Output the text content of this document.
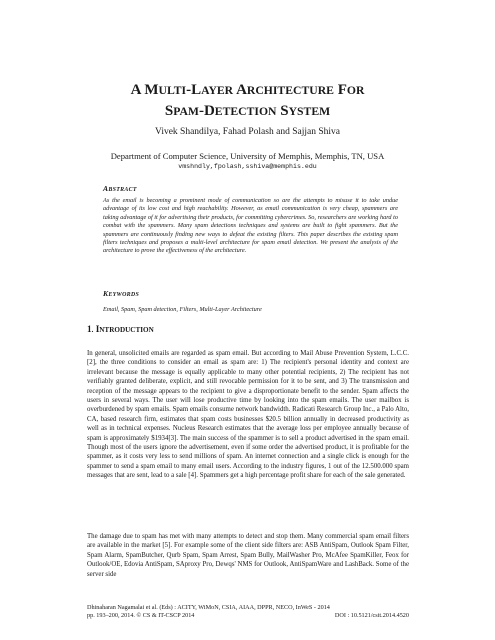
A MULTI-LAYER ARCHITECTURE FOR
SPAM-DETECTION SYSTEM
Vivek Shandilya, Fahad Polash and Sajjan Shiva
Department of Computer Science, University of Memphis, Memphis, TN, USA
vmshndly,fpolash,sshiva@memphis.edu
ABSTRACT
As the email is becoming a prominent mode of communication so are the attempts to misuse it to take undue advantage of its low cost and high reachability. However, as email communication is very cheap, spammers are taking advantage of it for advertising their products, for committing cybercrimes. So, researchers are working hard to combat with the spammers. Many spam detections techniques and systems are built to fight spammers. But the spammers are continuously finding new ways to defeat the existing filters. This paper describes the existing spam filters techniques and proposes a multi-level architecture for spam email detection. We present the analysis of the architecture to prove the effectiveness of the architecture.
KEYWORDS
Email, Spam, Spam detection, Filters, Multi-Layer Architecture
1. INTRODUCTION
In general, unsolicited emails are regarded as spam email. But according to Mail Abuse Prevention System, L.C.C. [2], the three conditions to consider an email as spam are: 1) The recipient's personal identity and context are irrelevant because the message is equally applicable to many other potential recipients, 2) The recipient has not verifiably granted deliberate, explicit, and still revocable permission for it to be sent, and 3) The transmission and reception of the message appears to the recipient to give a disproportionate benefit to the sender. Spam affects the users in several ways. The user will lose productive time by looking into the spam emails. The user mailbox is overburdened by spam emails. Spam emails consume network bandwidth. Radicati Research Group Inc., a Palo Alto, CA, based research firm, estimates that spam costs businesses $20.5 billion annually in decreased productivity as well as in technical expenses. Nucleus Research estimates that the average loss per employee annually because of spam is approximately $1934[3]. The main success of the spammer is to sell a product advertised in the spam email. Though most of the users ignore the advertisement, even if some order the advertised product, it is profitable for the spammer, as it costs very less to send millions of spam. An internet connection and a single click is enough for the spammer to send a spam email to many email users. According to the industry figures, 1 out of the 12.500.000 spam messages that are sent, lead to a sale [4]. Spammers get a high percentage profit share for each of the sale generated.
The damage due to spam has met with many attempts to detect and stop them. Many commercial spam email filters are available in the market [5]. For example some of the client side filters are: ASB AntiSpam, Outlook Spam Filter, Spam Alarm, SpamButcher, Qurb Spam, Spam Arrest, Spam Bully, MailWasher Pro, McAfee SpamKiller, Feox for Outlook/OE, Edovia AntiSpam, SAproxy Pro, Dewqs' NMS for Outlook, AntiSpamWare and LashBack. Some of the server side
Dhinaharan Nagamalai et al. (Eds) : ACITY, WiMoN, CSIA, AIAA, DPPR, NECO, InWeS - 2014
pp. 193–200, 2014. © CS & IT-CSCP 2014	DOI : 10.5121/csit.2014.4520
